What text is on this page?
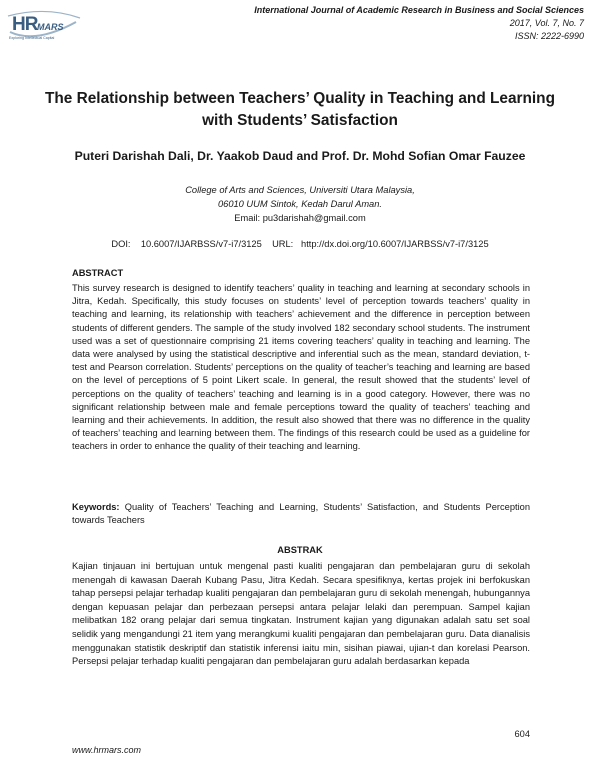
HR MARS
Exploring Intellectual Capital
International Journal of Academic Research in Business and Social Sciences
2017, Vol. 7, No. 7
ISSN: 2222-6990
The Relationship between Teachers’ Quality in Teaching and Learning with Students’ Satisfaction
Puteri Darishah Dali, Dr. Yaakob Daud and Prof. Dr. Mohd Sofian Omar Fauzee
College of Arts and Sciences, Universiti Utara Malaysia,
06010 UUM Sintok, Kedah Darul Aman.
Email: pu3darishah@gmail.com
DOI:    10.6007/IJARBSS/v7-i7/3125    URL:   http://dx.doi.org/10.6007/IJARBSS/v7-i7/3125
ABSTRACT
This survey research is designed to identify teachers’ quality in teaching and learning at secondary schools in Jitra, Kedah. Specifically, this study focuses on students’ level of perception towards teachers’ quality in teaching and learning, its relationship with teachers’ achievement and the difference in perception between students of different genders. The sample of the study involved 182 secondary school students. The instrument used was a set of questionnaire comprising 21 items covering teachers’ quality in teaching and learning. The data were analysed by using the statistical descriptive and inferential such as the mean, standard deviation, t-test and Pearson correlation. Students’ perceptions on the quality of teacher’s teaching and learning are based on the level of perceptions of 5 point Likert scale. In general, the result showed that the students’ level of perceptions on the quality of teachers’ teaching and learning is in a good category. However, there was no significant relationship between male and female perceptions toward the quality of teachers’ teaching and learning and their achievements. In addition, the result also showed that there was no difference in the quality of teachers’ teaching and learning between them. The findings of this research could be used as a guideline for teachers in order to enhance the quality of their teaching and learning.
Keywords: Quality of Teachers’ Teaching and Learning, Students’ Satisfaction, and Students Perception towards Teachers
ABSTRAK
Kajian tinjauan ini bertujuan untuk mengenal pasti kualiti pengajaran dan pembelajaran guru di sekolah menengah di kawasan Daerah Kubang Pasu, Jitra Kedah. Secara spesifiknya, kertas projek ini berfokuskan tahap persepsi pelajar terhadap kualiti pengajaran dan pembelajaran guru di sekolah menengah, hubungannya dengan kepuasan pelajar dan perbezaan persepsi antara pelajar lelaki dan perempuan. Sampel kajian melibatkan 182 orang pelajar dari semua tingkatan. Instrument kajian yang digunakan adalah satu set soal selidik yang mengandungi 21 item yang merangkumi kualiti pengajaran dan pembelajaran guru. Data dianalisis menggunakan statistik deskriptif dan statistik inferensi iaitu min, sisihan piawai, ujian-t dan korelasi Pearson. Persepsi pelajar terhadap kualiti pengajaran dan pembelajaran guru adalah berdasarkan kepada
604
www.hrmars.com
